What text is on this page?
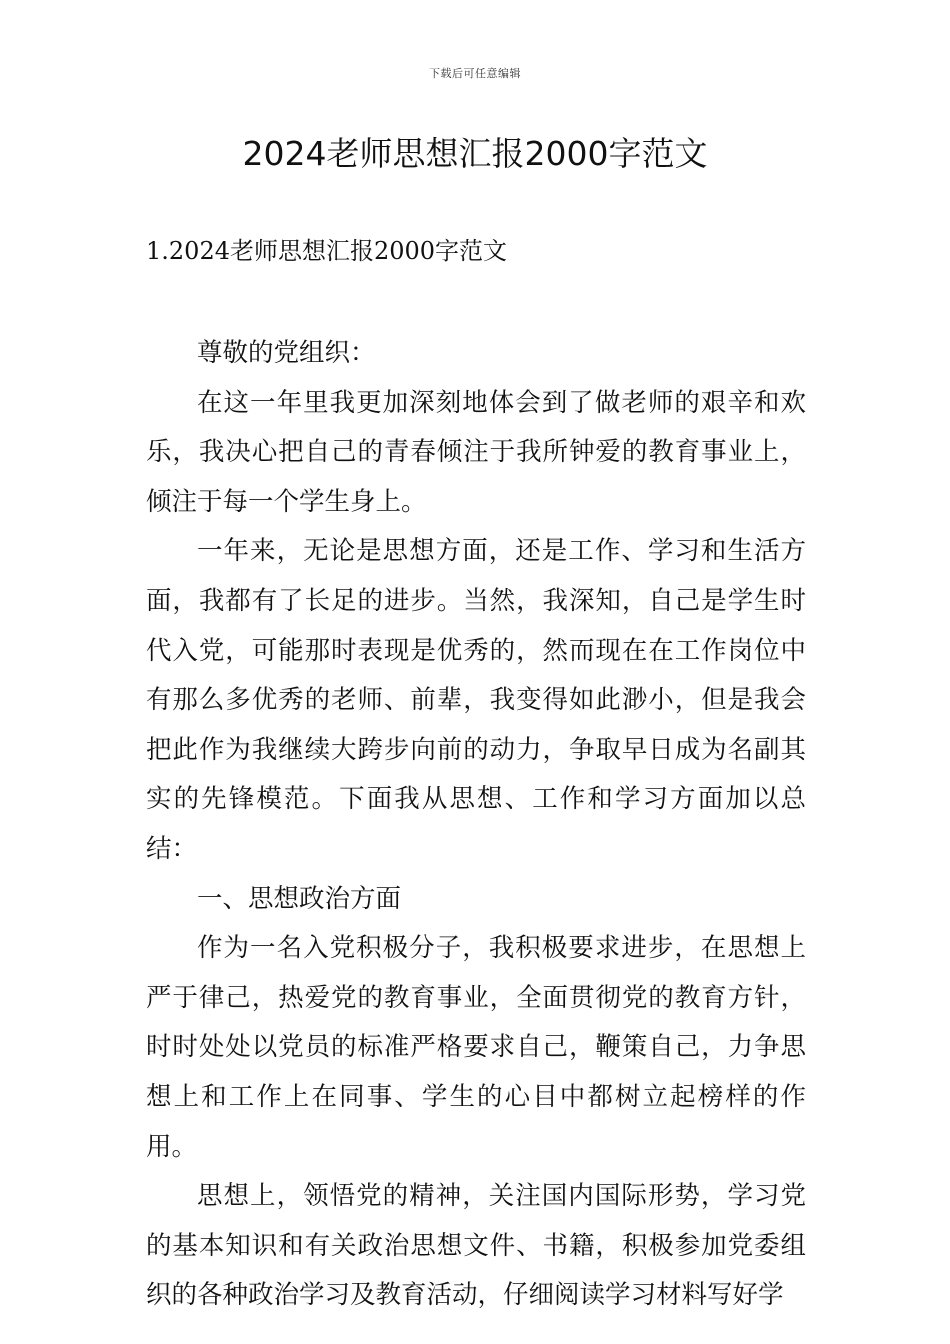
下载后可任意编辑
2024老师思想汇报2000字范文
1.2024老师思想汇报2000字范文

尊敬的党组织：

在这一年里我更加深刻地体会到了做老师的艰辛和欢乐，我决心把自己的青春倾注于我所钟爱的教育事业上，倾注于每一个学生身上。

一年来，无论是思想方面，还是工作、学习和生活方面，我都有了长足的进步。当然，我深知，自己是学生时代入党，可能那时表现是优秀的，然而现在在工作岗位中有那么多优秀的老师、前辈，我变得如此渺小，但是我会把此作为我继续大跨步向前的动力，争取早日成为名副其实的先锋模范。下面我从思想、工作和学习方面加以总结：

一、思想政治方面

作为一名入党积极分子，我积极要求进步，在思想上严于律己，热爱党的教育事业，全面贯彻党的教育方针，时时处处以党员的标准严格要求自己，鞭策自己，力争思想上和工作上在同事、学生的心目中都树立起榜样的作用。

思想上，领悟党的精神，关注国内国际形势，学习党的基本知识和有关政治思想文件、书籍，积极参加党委组织的各种政治学习及教育活动，仔细阅读学习材料写好学
